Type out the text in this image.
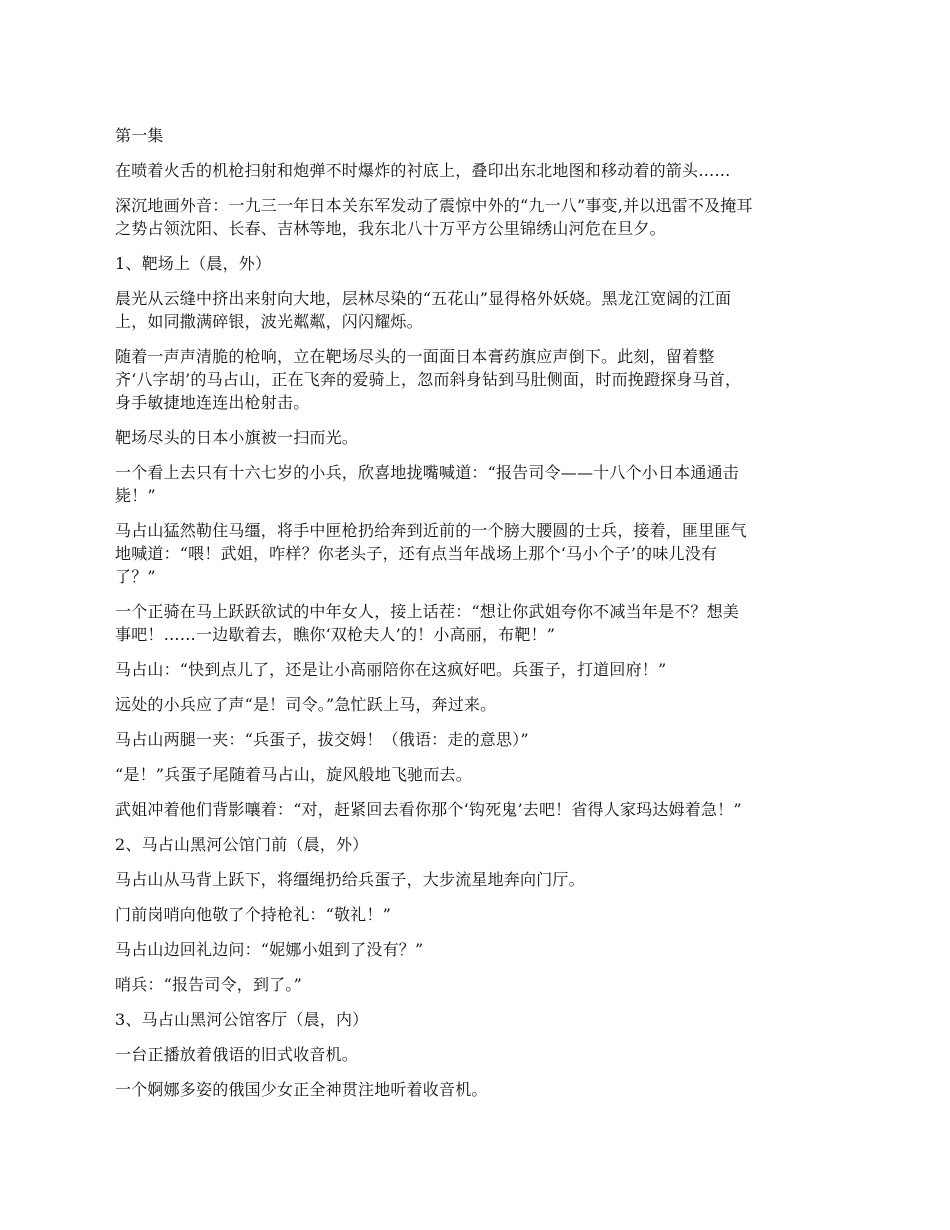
第一集

在喷着火舌的机枪扫射和炮弹不时爆炸的衬底上，叠印出东北地图和移动着的箭头……

深沉地画外音：一九三一年日本关东军发动了震惊中外的“九一八”事变,并以迅雷不及掩耳
之势占领沈阳、长春、吉林等地，我东北八十万平方公里锦绣山河危在旦夕。

1、靶场上（晨，外）

晨光从云缝中挤出来射向大地，层林尽染的“五花山”显得格外妖娆。黑龙江宽阔的江面
上，如同撒满碎银，波光粼粼，闪闪耀烁。

随着一声声清脆的枪响，立在靶场尽头的一面面日本膏药旗应声倒下。此刻，留着整
齐‘八字胡’的马占山，正在飞奔的爱骑上，忽而斜身钻到马肚侧面，时而挽蹬探身马首，
身手敏捷地连连出枪射击。

靶场尽头的日本小旗被一扫而光。

一个看上去只有十六七岁的小兵，欣喜地拢嘴喊道：“报告司令——十八个小日本通通击
毙！”

马占山猛然勒住马缰，将手中匣枪扔给奔到近前的一个膀大腰圆的士兵，接着，匪里匪气
地喊道：“喂！武姐，咋样？你老头子，还有点当年战场上那个‘马小个子’的味儿没有
了？”

一个正骑在马上跃跃欲试的中年女人，接上话茬：“想让你武姐夸你不减当年是不？想美
事吧！……一边歇着去，瞧你‘双枪夫人’的！小高丽，布靶！”

马占山：“快到点儿了，还是让小高丽陪你在这疯好吧。兵蛋子，打道回府！”

远处的小兵应了声“是！司令。”急忙跃上马，奔过来。

马占山两腿一夹：“兵蛋子，拔交姆！（俄语：走的意思）”

“是！”兵蛋子尾随着马占山，旋风般地飞驰而去。

武姐冲着他们背影嚷着：“对，赶紧回去看你那个‘钩死鬼’去吧！省得人家玛达姆着急！”

2、马占山黑河公馆门前（晨，外）

马占山从马背上跃下，将缰绳扔给兵蛋子，大步流星地奔向门厅。

门前岗哨向他敬了个持枪礼：“敬礼！”

马占山边回礼边问：“妮娜小姐到了没有？”

哨兵：“报告司令，到了。”

3、马占山黑河公馆客厅（晨，内）

一台正播放着俄语的旧式收音机。

一个婀娜多姿的俄国少女正全神贯注地听着收音机。
